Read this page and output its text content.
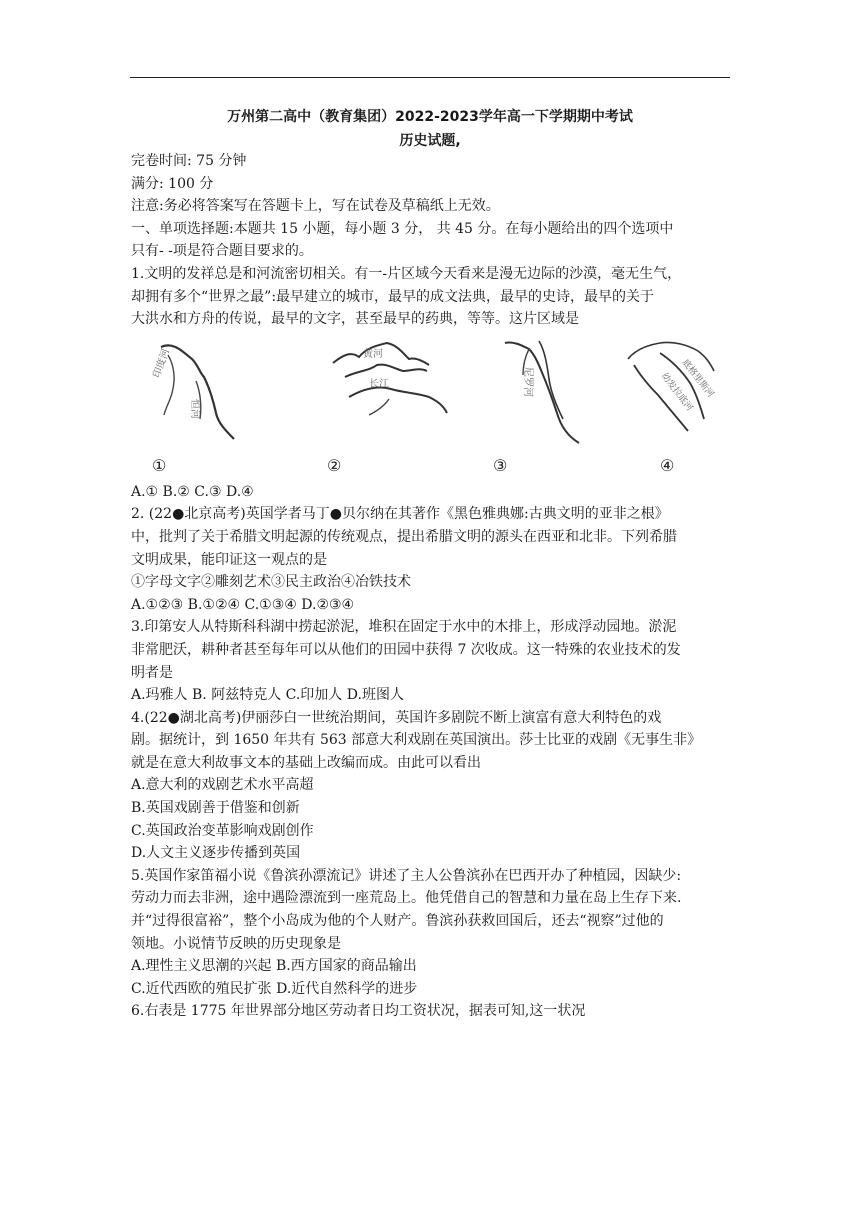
万州第二高中（教育集团）2022-2023学年高一下学期期中考试
历史试题,

完卷时间: 75 分钟

满分: 100 分

注意:务必将答案写在答题卡上，写在试卷及草稿纸上无效。

一、单项选择题:本题共 15 小题，每小题 3 分， 共 45 分。在每小题给出的四个选项中

只有- -项是符合题目要求的。

1.文明的发祥总是和河流密切相关。有一-片区域今天看来是漫无边际的沙漠，毫无生气，

却拥有多个“世界之最”:最早建立的城市，最早的成文法典，最早的史诗，最早的关于

大洪水和方舟的传说，最早的文字，甚至最早的药典，等等。这片区域是

印度河
恒河
黄河
长江	尼罗河	幼发拉底河
底格里斯河
①	②	③	④

A.① B.② C.③ D.④

2. (22●北京高考)英国学者马丁●贝尔纳在其著作《黑色雅典娜:古典文明的亚非之根》

中，批判了关于希腊文明起源的传统观点，提出希腊文明的源头在西亚和北非。下列希腊

文明成果，能印证这一观点的是

①字母文字②雕刻艺术③民主政治④冶铁技术

A.①②③ B.①②④ C.①③④ D.②③④

3.印第安人从特斯科科湖中捞起淤泥，堆积在固定于水中的木排上，形成浮动园地。淤泥

非常肥沃，耕种者甚至每年可以从他们的田园中获得 7 次收成。这一特殊的农业技术的发

明者是

A.玛雅人 B. 阿兹特克人 C.印加人 D.班图人

4.(22●湖北高考)伊丽莎白一世统治期间，英国许多剧院不断上演富有意大利特色的戏

剧。据统计，到 1650 年共有 563 部意大利戏剧在英国演出。莎士比亚的戏剧《无事生非》

就是在意大利故事文本的基础上改编而成。由此可以看出

A.意大利的戏剧艺术水平高超

B.英国戏剧善于借鉴和创新

C.英国政治变革影响戏剧创作

D.人文主义逐步传播到英国

5.英国作家笛福小说《鲁滨孙漂流记》讲述了主人公鲁滨孙在巴西开办了种植园，因缺少:

劳动力而去非洲，途中遇险漂流到一座荒岛上。他凭借自己的智慧和力量在岛上生存下来.

并“过得很富裕”，整个小岛成为他的个人财产。鲁滨孙获救回国后，还去“视察”过他的

领地。小说情节反映的历史现象是

A.理性主义思潮的兴起 B.西方国家的商品输出

C.近代西欧的殖民扩张 D.近代自然科学的进步

6.右表是 1775 年世界部分地区劳动者日均工资状况，据表可知,这一状况
